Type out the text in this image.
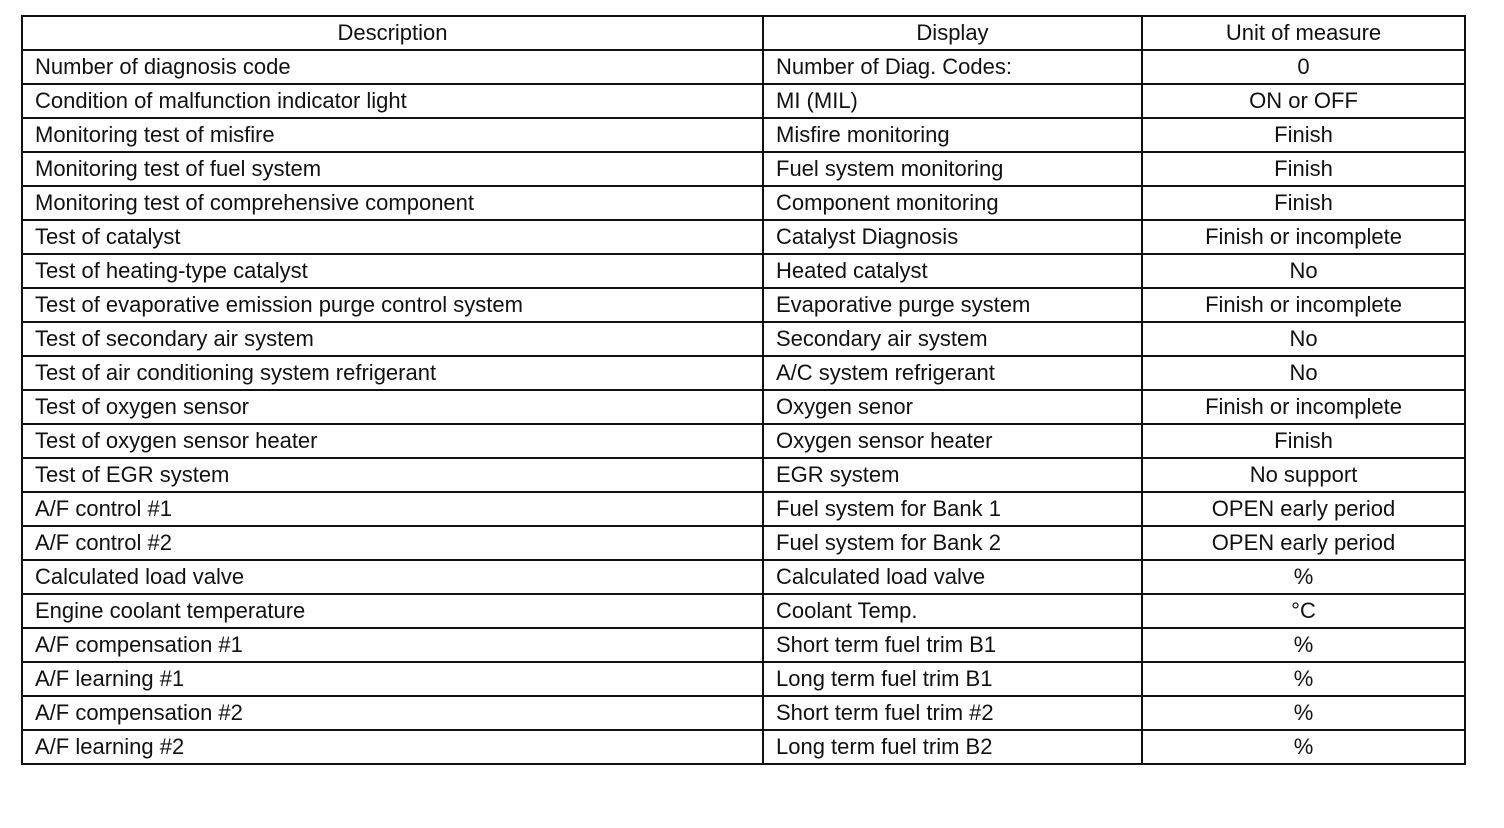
Description	Display	Unit of measure
Number of diagnosis code	Number of Diag. Codes:	0
Condition of malfunction indicator light	MI (MIL)	ON or OFF
Monitoring test of misfire	Misfire monitoring	Finish
Monitoring test of fuel system	Fuel system monitoring	Finish
Monitoring test of comprehensive component	Component monitoring	Finish
Test of catalyst	Catalyst Diagnosis	Finish or incomplete
Test of heating-type catalyst	Heated catalyst	No
Test of evaporative emission purge control system	Evaporative purge system	Finish or incomplete
Test of secondary air system	Secondary air system	No
Test of air conditioning system refrigerant	A/C system refrigerant	No
Test of oxygen sensor	Oxygen senor	Finish or incomplete
Test of oxygen sensor heater	Oxygen sensor heater	Finish
Test of EGR system	EGR system	No support
A/F control #1	Fuel system for Bank 1	OPEN early period
A/F control #2	Fuel system for Bank 2	OPEN early period
Calculated load valve	Calculated load valve	%
Engine coolant temperature	Coolant Temp.	°C
A/F compensation #1	Short term fuel trim B1	%
A/F learning #1	Long term fuel trim B1	%
A/F compensation #2	Short term fuel trim #2	%
A/F learning #2	Long term fuel trim B2	%
